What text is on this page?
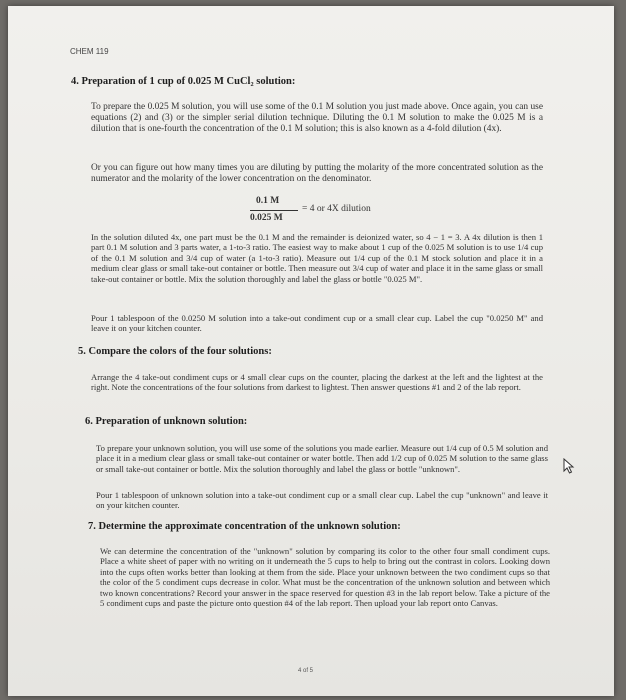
CHEM 119
4. Preparation of 1 cup of 0.025 M CuCl₂ solution:
To prepare the 0.025 M solution, you will use some of the 0.1 M solution you just made above. Once again, you can use equations (2) and (3) or the simpler serial dilution technique. Diluting the 0.1 M solution to make the 0.025 M is a dilution that is one-fourth the concentration of the 0.1 M solution; this is also known as a 4-fold dilution (4x).
Or you can figure out how many times you are diluting by putting the molarity of the more concentrated solution as the numerator and the molarity of the lower concentration on the denominator.
0.1 M
0.025 M
= 4 or 4X dilution
In the solution diluted 4x, one part must be the 0.1 M and the remainder is deionized water, so 4 − 1 = 3. A 4x dilution is then 1 part 0.1 M solution and 3 parts water, a 1-to-3 ratio. The easiest way to make about 1 cup of the 0.025 M solution is to use 1/4 cup of the 0.1 M solution and 3/4 cup of water (a 1-to-3 ratio). Measure out 1/4 cup of the 0.1 M stock solution and place it in a medium clear glass or small take-out container or bottle. Then measure out 3/4 cup of water and place it in the same glass or small take-out container or bottle. Mix the solution thoroughly and label the glass or bottle "0.025 M".
Pour 1 tablespoon of the 0.0250 M solution into a take-out condiment cup or a small clear cup. Label the cup "0.0250 M" and leave it on your kitchen counter.
5. Compare the colors of the four solutions:
Arrange the 4 take-out condiment cups or 4 small clear cups on the counter, placing the darkest at the left and the lightest at the right. Note the concentrations of the four solutions from darkest to lightest. Then answer questions #1 and 2 of the lab report.
6. Preparation of unknown solution:
To prepare your unknown solution, you will use some of the solutions you made earlier. Measure out 1/4 cup of 0.5 M solution and place it in a medium clear glass or small take-out container or water bottle. Then add 1/2 cup of 0.025 M solution to the same glass or small take-out container or bottle. Mix the solution thoroughly and label the glass or bottle "unknown".
Pour 1 tablespoon of unknown solution into a take-out condiment cup or a small clear cup. Label the cup "unknown" and leave it on your kitchen counter.
7. Determine the approximate concentration of the unknown solution:
We can determine the concentration of the "unknown" solution by comparing its color to the other four small condiment cups. Place a white sheet of paper with no writing on it underneath the 5 cups to help to bring out the contrast in colors. Looking down into the cups often works better than looking at them from the side. Place your unknown between the two condiment cups so that the color of the 5 condiment cups decrease in color. What must be the concentration of the unknown solution and between which two known concentrations? Record your answer in the space reserved for question #3 in the lab report below. Take a picture of the 5 condiment cups and paste the picture onto question #4 of the lab report. Then upload your lab report onto Canvas.
4 of 5
